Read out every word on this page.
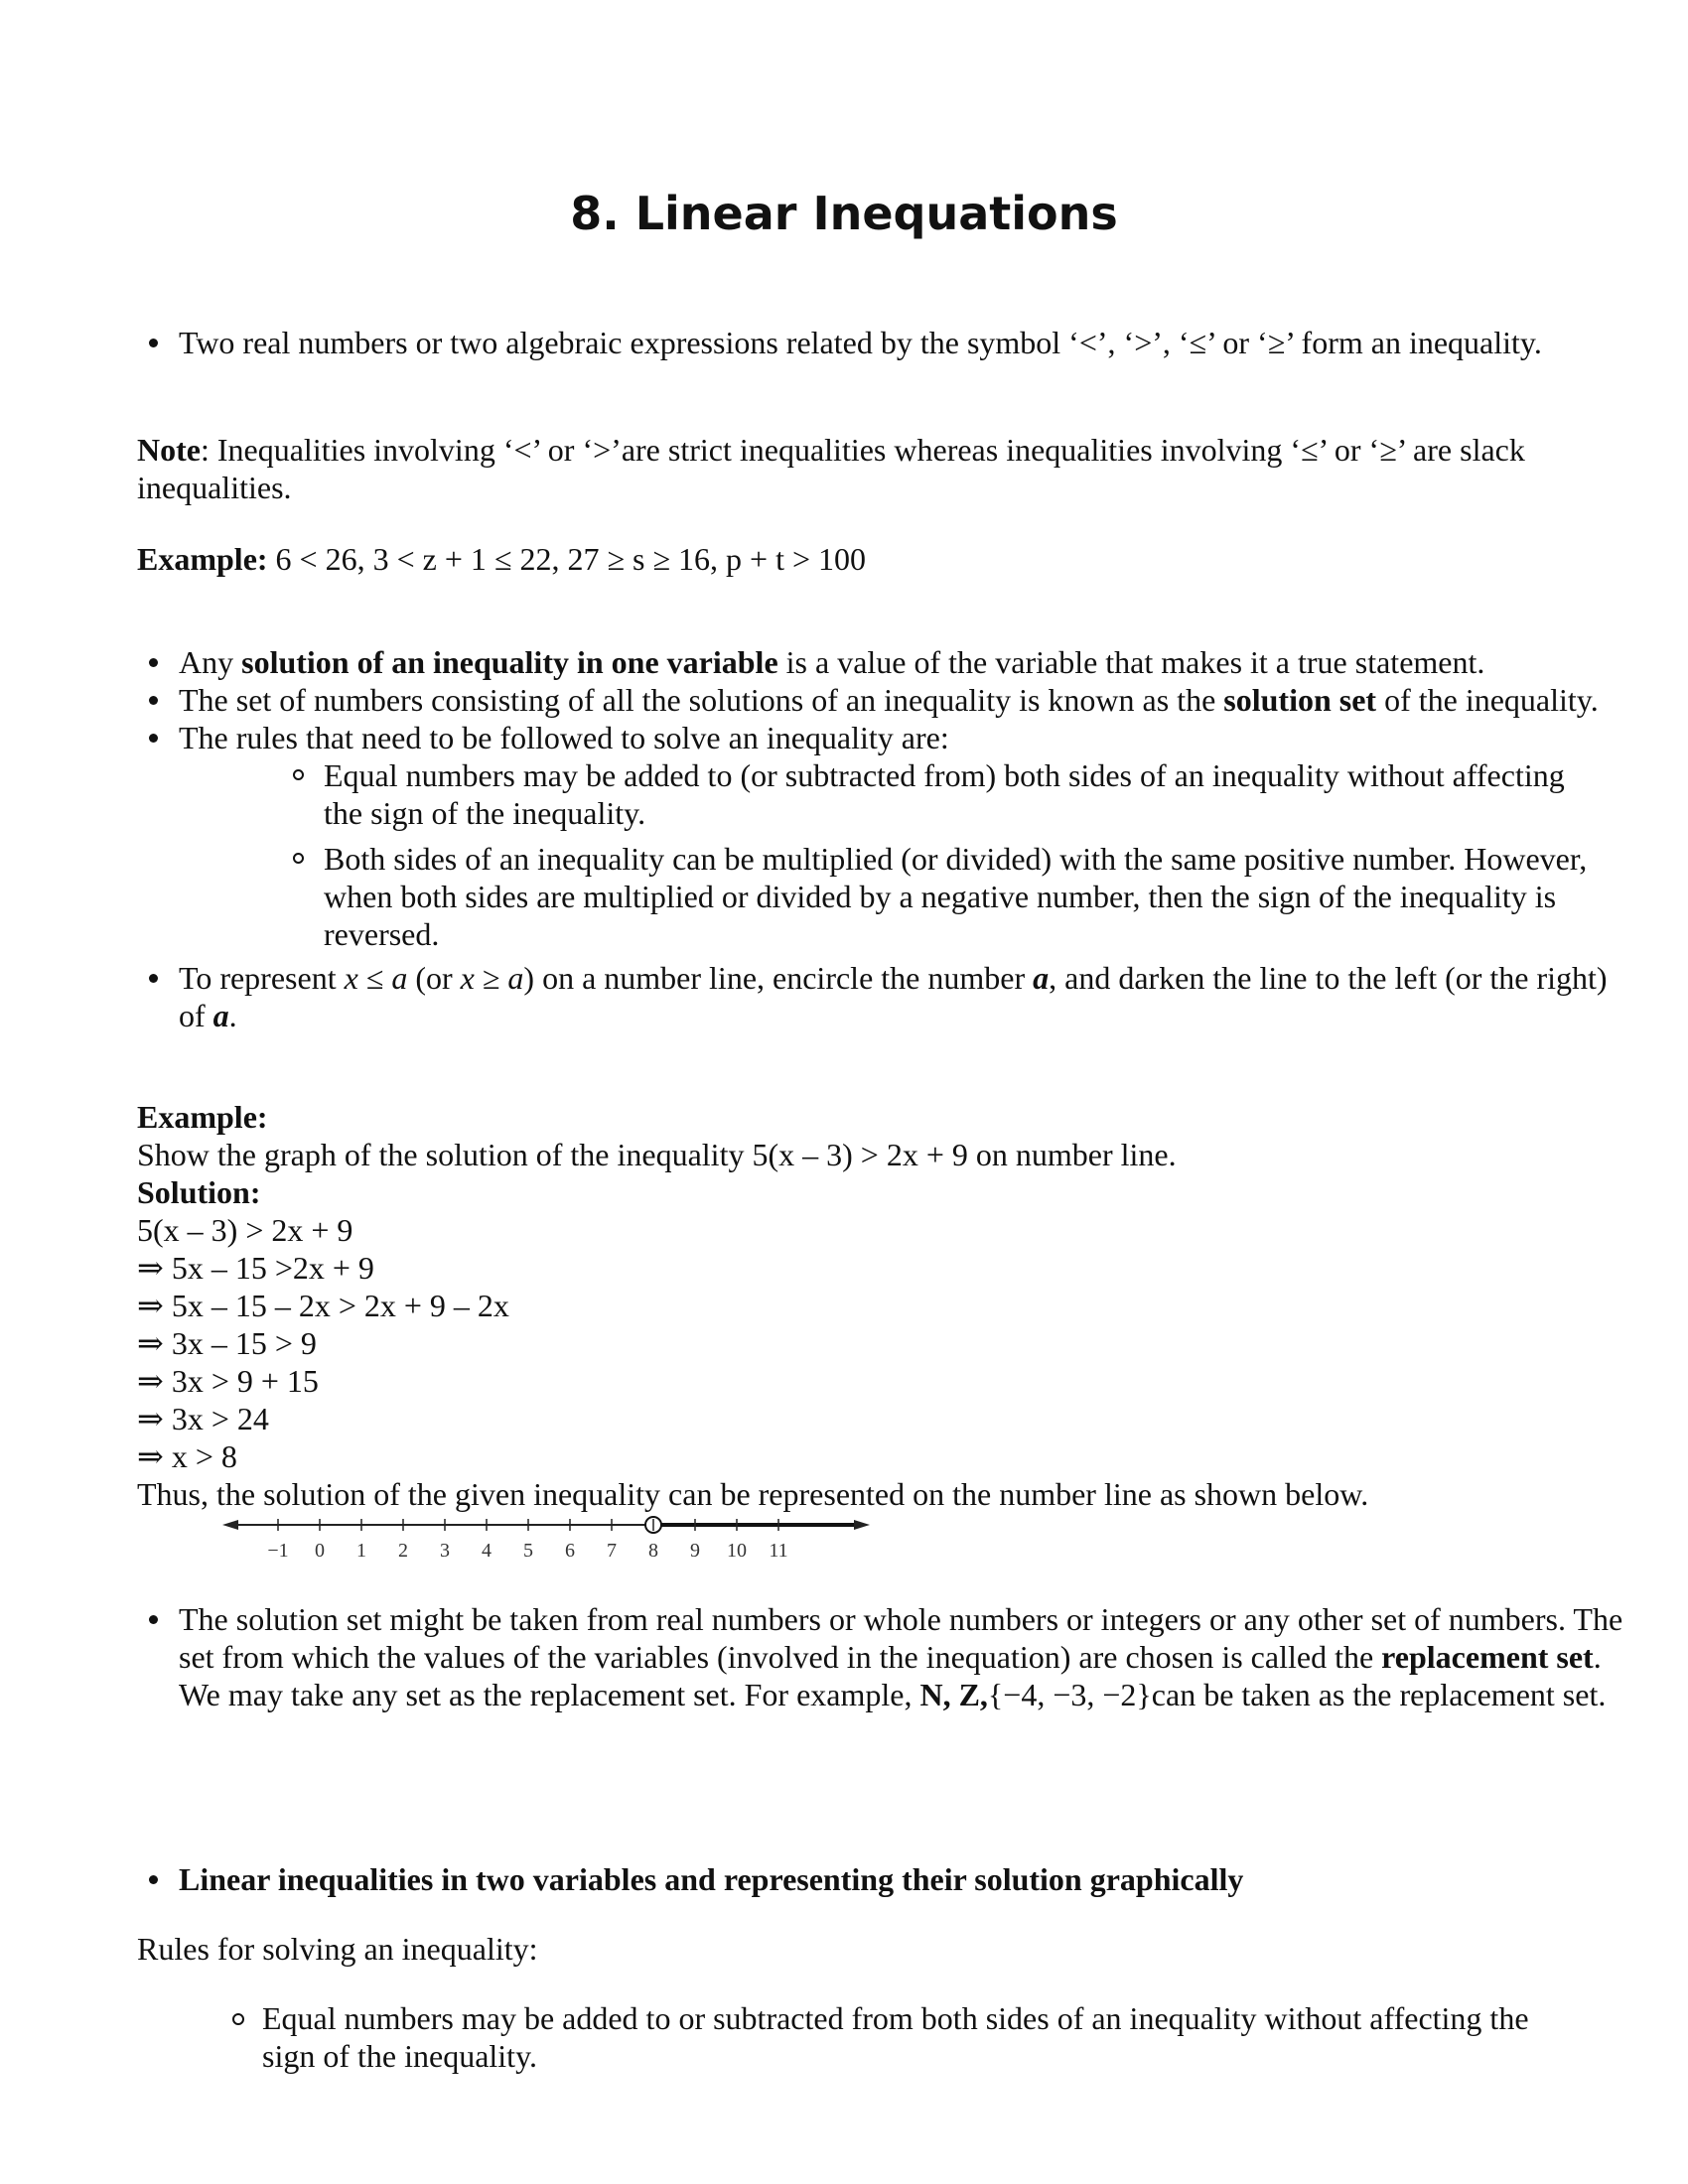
8. Linear Inequations
Two real numbers or two algebraic expressions related by the symbol ‘<’, ‘>’, ‘≤’ or ‘≥’ form an inequality.
Note: Inequalities involving ‘<’ or ‘>’are strict inequalities whereas inequalities involving ‘≤’ or ‘≥’ are slack inequalities.
Example: 6 < 26, 3 < z + 1 ≤ 22, 27 ≥ s ≥ 16, p + t > 100
Any solution of an inequality in one variable is a value of the variable that makes it a true statement.
The set of numbers consisting of all the solutions of an inequality is known as the solution set of the inequality.
The rules that need to be followed to solve an inequality are:
Equal numbers may be added to (or subtracted from) both sides of an inequality without affecting the sign of the inequality.
Both sides of an inequality can be multiplied (or divided) with the same positive number. However, when both sides are multiplied or divided by a negative number, then the sign of the inequality is reversed.
To represent x ≤ a (or x ≥ a) on a number line, encircle the number a, and darken the line to the left (or the right) of a.
Example:
Show the graph of the solution of the inequality 5(x – 3) > 2x + 9 on number line.
Solution:
5(x – 3) > 2x + 9
⇒ 5x – 15 >2x + 9
⇒ 5x – 15 – 2x > 2x + 9 – 2x
⇒ 3x – 15 > 9
⇒ 3x > 9 + 15
⇒ 3x > 24
⇒ x > 8
Thus, the solution of the given inequality can be represented on the number line as shown below.
−1 0 1 2 3 4 5 6 7 8 9 10 11
The solution set might be taken from real numbers or whole numbers or integers or any other set of numbers. The set from which the values of the variables (involved in the inequation) are chosen is called the replacement set. We may take any set as the replacement set. For example, N, Z,{−4, −3, −2}can be taken as the replacement set.
Linear inequalities in two variables and representing their solution graphically
Rules for solving an inequality:
Equal numbers may be added to or subtracted from both sides of an inequality without affecting the sign of the inequality.
